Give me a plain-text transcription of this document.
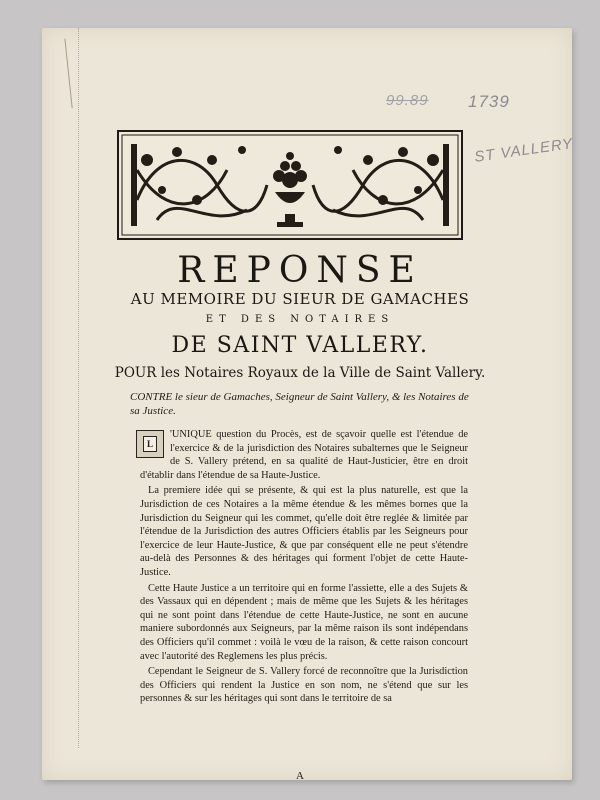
99.89 1739
ST VALLERY
REPONSE
AU MEMOIRE DU SIEUR DE GAMACHES
ET DES NOTAIRES
DE SAINT VALLERY.
POUR les Notaires Royaux de la Ville de Saint Vallery.
CONTRE le sieur de Gamaches, Seigneur de Saint Vallery, & les Notaires de sa Justice.
L

'UNIQUE question du Procès, est de sçavoir quelle est l'étendue de l'exercice & de la jurisdiction des Notaires subalternes que le Seigneur de S. Vallery prétend, en sa qualité de Haut-Justicier, être en droit d'établir dans l'étendue de sa Haute-Justice.

La premiere idée qui se présente, & qui est la plus naturelle, est que la Jurisdiction de ces Notaires a la même étendue & les mêmes bornes que la Jurisdiction du Seigneur qui les commet, qu'elle doit être reglée & limitée par l'étendue de la Jurisdiction des autres Officiers établis par les Seigneurs pour l'exercice de leur Haute-Justice, & que par conséquent elle ne peut s'étendre au-delà des Personnes & des héritages qui forment l'objet de cette Haute-Justice.

Cette Haute Justice a un territoire qui en forme l'assiette, elle a des Sujets & des Vassaux qui en dépendent ; mais de même que les Sujets & les héritages qui ne sont point dans l'étendue de cette Haute-Justice, ne sont en aucune maniere subordonnés aux Seigneurs, par la même raison ils sont indépendans des Officiers qu'il commet : voilà le vœu de la raison, & cette raison concourt avec l'autorité des Reglemens les plus précis.

Cependant le Seigneur de S. Vallery forcé de reconnoître que la Jurisdiction des Officiers qui rendent la Justice en son nom, ne s'étend que sur les personnes & sur les héritages qui sont dans le territoire de sa

A
